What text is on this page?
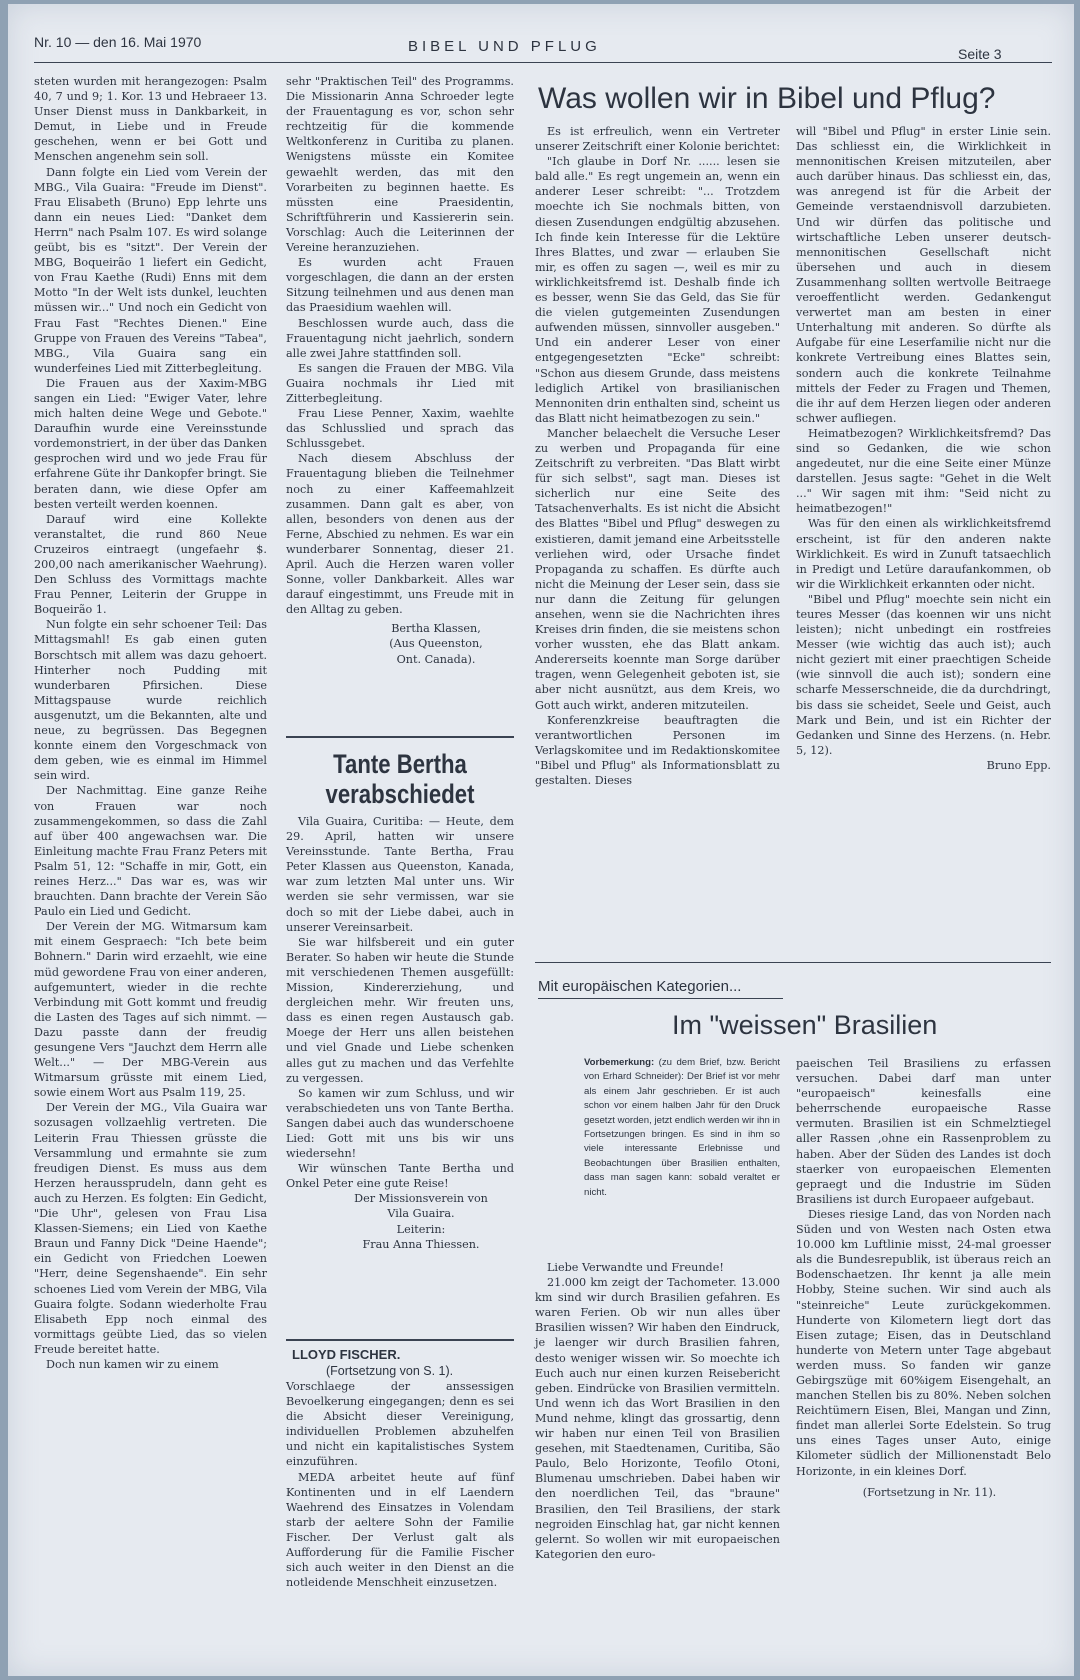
Nr. 10 — den 16. Mai 1970	BIBEL UND PFLUG	Seite 3

steten wurden mit herangezogen: Psalm 40, 7 und 9; 1. Kor. 13 und Hebraeer 13. Unser Dienst muss in Dankbarkeit, in Demut, in Liebe und in Freude geschehen, wenn er bei Gott und Menschen angenehm sein soll.

Dann folgte ein Lied vom Verein der MBG., Vila Guaira: "Freude im Dienst". Frau Elisabeth (Bruno) Epp lehrte uns dann ein neues Lied: "Danket dem Herrn" nach Psalm 107. Es wird solange geübt, bis es "sitzt". Der Verein der MBG, Boqueirão 1 liefert ein Gedicht, von Frau Kaethe (Rudi) Enns mit dem Motto "In der Welt ists dunkel, leuchten müssen wir..." Und noch ein Gedicht von Frau Fast "Rechtes Dienen." Eine Gruppe von Frauen des Vereins "Tabea", MBG., Vila Guaira sang ein wunderfeines Lied mit Zitterbegleitung.

Die Frauen aus der Xaxim-MBG sangen ein Lied: "Ewiger Vater, lehre mich halten deine Wege und Gebote." Daraufhin wurde eine Vereinsstunde vordemonstriert, in der über das Danken gesprochen wird und wo jede Frau für erfahrene Güte ihr Dankopfer bringt. Sie beraten dann, wie diese Opfer am besten verteilt werden koennen.

Darauf wird eine Kollekte veranstaltet, die rund 860 Neue Cruzeiros eintraegt (ungefaehr $. 200,00 nach amerikanischer Waehrung). Den Schluss des Vormittags machte Frau Penner, Leiterin der Gruppe in Boqueirão 1.

Nun folgte ein sehr schoener Teil: Das Mittagsmahl! Es gab einen guten Borschtsch mit allem was dazu gehoert. Hinterher noch Pudding mit wunderbaren Pfirsichen. Diese Mittagspause wurde reichlich ausgenutzt, um die Bekannten, alte und neue, zu begrüssen. Das Begegnen konnte einem den Vorgeschmack von dem geben, wie es einmal im Himmel sein wird.

Der Nachmittag. Eine ganze Reihe von Frauen war noch zusammengekommen, so dass die Zahl auf über 400 angewachsen war. Die Einleitung machte Frau Franz Peters mit Psalm 51, 12: "Schaffe in mir, Gott, ein reines Herz..." Das war es, was wir brauchten. Dann brachte der Verein São Paulo ein Lied und Gedicht.

Der Verein der MG. Witmarsum kam mit einem Gespraech: "Ich bete beim Bohnern." Darin wird erzaehlt, wie eine müd gewordene Frau von einer anderen, aufgemuntert, wieder in die rechte Verbindung mit Gott kommt und freudig die Lasten des Tages auf sich nimmt. — Dazu passte dann der freudig gesungene Vers "Jauchzt dem Herrn alle Welt..." — Der MBG-Verein aus Witmarsum grüsste mit einem Lied, sowie einem Wort aus Psalm 119, 25.

Der Verein der MG., Vila Guaira war sozusagen vollzaehlig vertreten. Die Leiterin Frau Thiessen grüsste die Versammlung und ermahnte sie zum freudigen Dienst. Es muss aus dem Herzen heraussprudeln, dann geht es auch zu Herzen. Es folgten: Ein Gedicht, "Die Uhr", gelesen von Frau Lisa Klassen-Siemens; ein Lied von Kaethe Braun und Fanny Dick "Deine Haende"; ein Gedicht von Friedchen Loewen "Herr, deine Segenshaende". Ein sehr schoenes Lied vom Verein der MBG, Vila Guaira folgte. Sodann wiederholte Frau Elisabeth Epp noch einmal des vormittags geübte Lied, das so vielen Freude bereitet hatte.

Doch nun kamen wir zu einem

sehr "Praktischen Teil" des Programms. Die Missionarin Anna Schroeder legte der Frauentagung es vor, schon sehr rechtzeitig für die kommende Weltkonferenz in Curitiba zu planen. Wenigstens müsste ein Komitee gewaehlt werden, das mit den Vorarbeiten zu beginnen haette. Es müssten eine Praesidentin, Schriftführerin und Kassiererin sein. Vorschlag: Auch die Leiterinnen der Vereine heranzuziehen.

Es wurden acht Frauen vorgeschlagen, die dann an der ersten Sitzung teilnehmen und aus denen man das Praesidium waehlen will.

Beschlossen wurde auch, dass die Frauentagung nicht jaehrlich, sondern alle zwei Jahre stattfinden soll.

Es sangen die Frauen der MBG. Vila Guaira nochmals ihr Lied mit Zitterbegleitung.

Frau Liese Penner, Xaxim, waehlte das Schlusslied und sprach das Schlussgebet.

Nach diesem Abschluss der Frauentagung blieben die Teilnehmer noch zu einer Kaffeemahlzeit zusammen. Dann galt es aber, von allen, besonders von denen aus der Ferne, Abschied zu nehmen. Es war ein wunderbarer Sonnentag, dieser 21. April. Auch die Herzen waren voller Sonne, voller Dankbarkeit. Alles war darauf eingestimmt, uns Freude mit in den Alltag zu geben.

Bertha Klassen,

(Aus Queenston,

Ont. Canada).

Tante Bertha verabschiedet

Vila Guaira, Curitiba: — Heute, dem 29. April, hatten wir unsere Vereinsstunde. Tante Bertha, Frau Peter Klassen aus Queenston, Kanada, war zum letzten Mal unter uns. Wir werden sie sehr vermissen, war sie doch so mit der Liebe dabei, auch in unserer Vereinsarbeit.

Sie war hilfsbereit und ein guter Berater. So haben wir heute die Stunde mit verschiedenen Themen ausgefüllt: Mission, Kindererziehung, und dergleichen mehr. Wir freuten uns, dass es einen regen Austausch gab. Moege der Herr uns allen beistehen und viel Gnade und Liebe schenken alles gut zu machen und das Verfehlte zu vergessen.

So kamen wir zum Schluss, und wir verabschiedeten uns von Tante Bertha. Sangen dabei auch das wunderschoene Lied: Gott mit uns bis wir uns wiedersehn!

Wir wünschen Tante Bertha und Onkel Peter eine gute Reise!

Der Missionsverein von

Vila Guaira.

Leiterin:

Frau Anna Thiessen.

LLOYD FISCHER.
(Fortsetzung von S. 1).

Vorschlaege der anssessigen Bevoelkerung eingegangen; denn es sei die Absicht dieser Vereinigung, individuellen Problemen abzuhelfen und nicht ein kapitalistisches System einzuführen.

MEDA arbeitet heute auf fünf Kontinenten und in elf Laendern Waehrend des Einsatzes in Volendam starb der aeltere Sohn der Familie Fischer. Der Verlust galt als Aufforderung für die Familie Fischer sich auch weiter in den Dienst an die notleidende Menschheit einzusetzen.

Was wollen wir in Bibel und Pflug?

Es ist erfreulich, wenn ein Vertreter unserer Zeitschrift einer Kolonie berichtet:

"Ich glaube in Dorf Nr. ...... lesen sie bald alle." Es regt ungemein an, wenn ein anderer Leser schreibt: "... Trotzdem moechte ich Sie nochmals bitten, von diesen Zusendungen endgültig abzusehen. Ich finde kein Interesse für die Lektüre Ihres Blattes, und zwar — erlauben Sie mir, es offen zu sagen —, weil es mir zu wirklichkeitsfremd ist. Deshalb finde ich es besser, wenn Sie das Geld, das Sie für die vielen gutgemeinten Zusendungen aufwenden müssen, sinnvoller ausgeben." Und ein anderer Leser von einer entgegengesetzten "Ecke" schreibt: "Schon aus diesem Grunde, dass meistens lediglich Artikel von brasilianischen Mennoniten drin enthalten sind, scheint us das Blatt nicht heimatbezogen zu sein."

Mancher belaechelt die Versuche Leser zu werben und Propaganda für eine Zeitschrift zu verbreiten. "Das Blatt wirbt für sich selbst", sagt man. Dieses ist sicherlich nur eine Seite des Tatsachenverhalts. Es ist nicht die Absicht des Blattes "Bibel und Pflug" deswegen zu existieren, damit jemand eine Arbeitsstelle verliehen wird, oder Ursache findet Propaganda zu schaffen. Es dürfte auch nicht die Meinung der Leser sein, dass sie nur dann die Zeitung für gelungen ansehen, wenn sie die Nachrichten ihres Kreises drin finden, die sie meistens schon vorher wussten, ehe das Blatt ankam. Andererseits koennte man Sorge darüber tragen, wenn Gelegenheit geboten ist, sie aber nicht ausnützt, aus dem Kreis, wo Gott auch wirkt, anderen mitzuteilen.

Konferenzkreise beauftragten die verantwortlichen Personen im Verlagskomitee und im Redaktionskomitee "Bibel und Pflug" als Informationsblatt zu gestalten. Dieses

will "Bibel und Pflug" in erster Linie sein. Das schliesst ein, die Wirklichkeit in mennonitischen Kreisen mitzuteilen, aber auch darüber hinaus. Das schliesst ein, das, was anregend ist für die Arbeit der Gemeinde verstaendnisvoll darzubieten. Und wir dürfen das politische und wirtschaftliche Leben unserer deutsch-mennonitischen Gesellschaft nicht übersehen und auch in diesem Zusammenhang sollten wertvolle Beitraege veroeffentlicht werden. Gedankengut verwertet man am besten in einer Unterhaltung mit anderen. So dürfte als Aufgabe für eine Leserfamilie nicht nur die konkrete Vertreibung eines Blattes sein, sondern auch die konkrete Teilnahme mittels der Feder zu Fragen und Themen, die ihr auf dem Herzen liegen oder anderen schwer aufliegen.

Heimatbezogen? Wirklichkeitsfremd? Das sind so Gedanken, die wie schon angedeutet, nur die eine Seite einer Münze darstellen. Jesus sagte: "Gehet in die Welt ..." Wir sagen mit ihm: "Seid nicht zu heimatbezogen!"

Was für den einen als wirklichkeitsfremd erscheint, ist für den anderen nakte Wirklichkeit. Es wird in Zunuft tatsaechlich in Predigt und Letüre daraufankommen, ob wir die Wirklichkeit erkannten oder nicht.

"Bibel und Pflug" moechte sein nicht ein teures Messer (das koennen wir uns nicht leisten); nicht unbedingt ein rostfreies Messer (wie wichtig das auch ist); auch nicht geziert mit einer praechtigen Scheide (wie sinnvoll die auch ist); sondern eine scharfe Messerschneide, die da durchdringt, bis dass sie scheidet, Seele und Geist, auch Mark und Bein, und ist ein Richter der Gedanken und Sinne des Herzens. (n. Hebr. 5, 12).

Bruno Epp.

Mit europäischen Kategorien...
Im "weissen" Brasilien
Vorbemerkung: (zu dem Brief, bzw. Bericht von Erhard Schneider): Der Brief ist vor mehr als einem Jahr geschrieben. Er ist auch schon vor einem halben Jahr für den Druck gesetzt worden, jetzt endlich werden wir ihn in Fortsetzungen bringen. Es sind in ihm so viele interessante Erlebnisse und Beobachtungen über Brasilien enthalten, dass man sagen kann: sobald veraltet er nicht.

Liebe Verwandte und Freunde!

21.000 km zeigt der Tachometer. 13.000 km sind wir durch Brasilien gefahren. Es waren Ferien. Ob wir nun alles über Brasilien wissen? Wir haben den Eindruck, je laenger wir durch Brasilien fahren, desto weniger wissen wir. So moechte ich Euch auch nur einen kurzen Reisebericht geben. Eindrücke von Brasilien vermitteln. Und wenn ich das Wort Brasilien in den Mund nehme, klingt das grossartig, denn wir haben nur einen Teil von Brasilien gesehen, mit Staedtenamen, Curitiba, São Paulo, Belo Horizonte, Teofilo Otoni, Blumenau umschrieben. Dabei haben wir den noerdlichen Teil, das "braune" Brasilien, den Teil Brasiliens, der stark negroiden Einschlag hat, gar nicht kennen gelernt. So wollen wir mit europaeischen Kategorien den euro-

paeischen Teil Brasiliens zu erfassen versuchen. Dabei darf man unter "europaeisch" keinesfalls eine beherrschende europaeische Rasse vermuten. Brasilien ist ein Schmelztiegel aller Rassen ,ohne ein Rassenproblem zu haben. Aber der Süden des Landes ist doch staerker von europaeischen Elementen gepraegt und die Industrie im Süden Brasiliens ist durch Europaeer aufgebaut.

Dieses riesige Land, das von Norden nach Süden und von Westen nach Osten etwa 10.000 km Luftlinie misst, 24-mal groesser als die Bundesrepublik, ist überaus reich an Bodenschaetzen. Ihr kennt ja alle mein Hobby, Steine suchen. Wir sind auch als "steinreiche" Leute zurückgekommen. Hunderte von Kilometern liegt dort das Eisen zutage; Eisen, das in Deutschland hunderte von Metern unter Tage abgebaut werden muss. So fanden wir ganze Gebirgszüge mit 60%igem Eisengehalt, an manchen Stellen bis zu 80%. Neben solchen Reichtümern Eisen, Blei, Mangan und Zinn, findet man allerlei Sorte Edelstein. So trug uns eines Tages unser Auto, einige Kilometer südlich der Millionenstadt Belo Horizonte, in ein kleines Dorf.

(Fortsetzung in Nr. 11).
